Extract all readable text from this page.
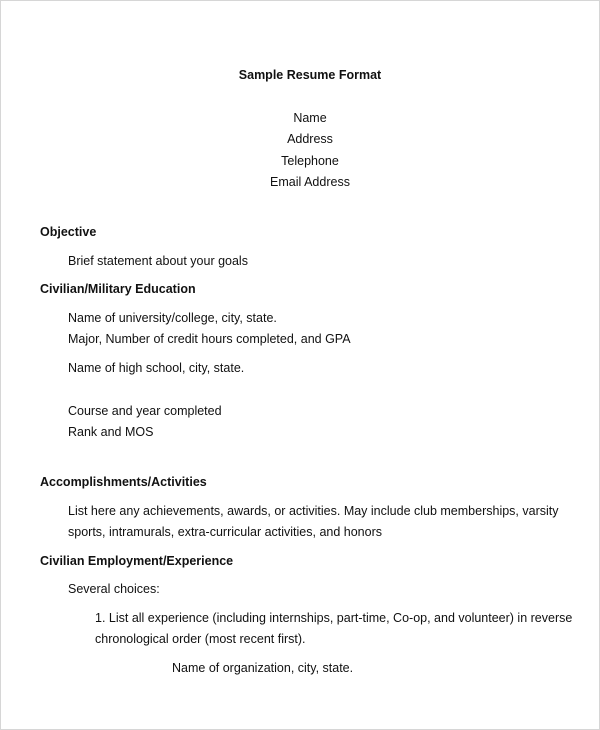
Sample Resume Format
Name
Address
Telephone
Email Address
Objective
Brief statement about your goals
Civilian/Military Education
Name of university/college, city, state.
Major, Number of credit hours completed, and GPA
Name of high school, city, state.
Course and year completed
Rank and MOS
Accomplishments/Activities
List here any achievements, awards, or activities. May include club memberships, varsity
sports, intramurals, extra-curricular activities, and honors
Civilian Employment/Experience
Several choices:
1. List all experience (including internships, part-time, Co-op, and volunteer) in reverse
chronological order (most recent first).
Name of organization, city, state.
